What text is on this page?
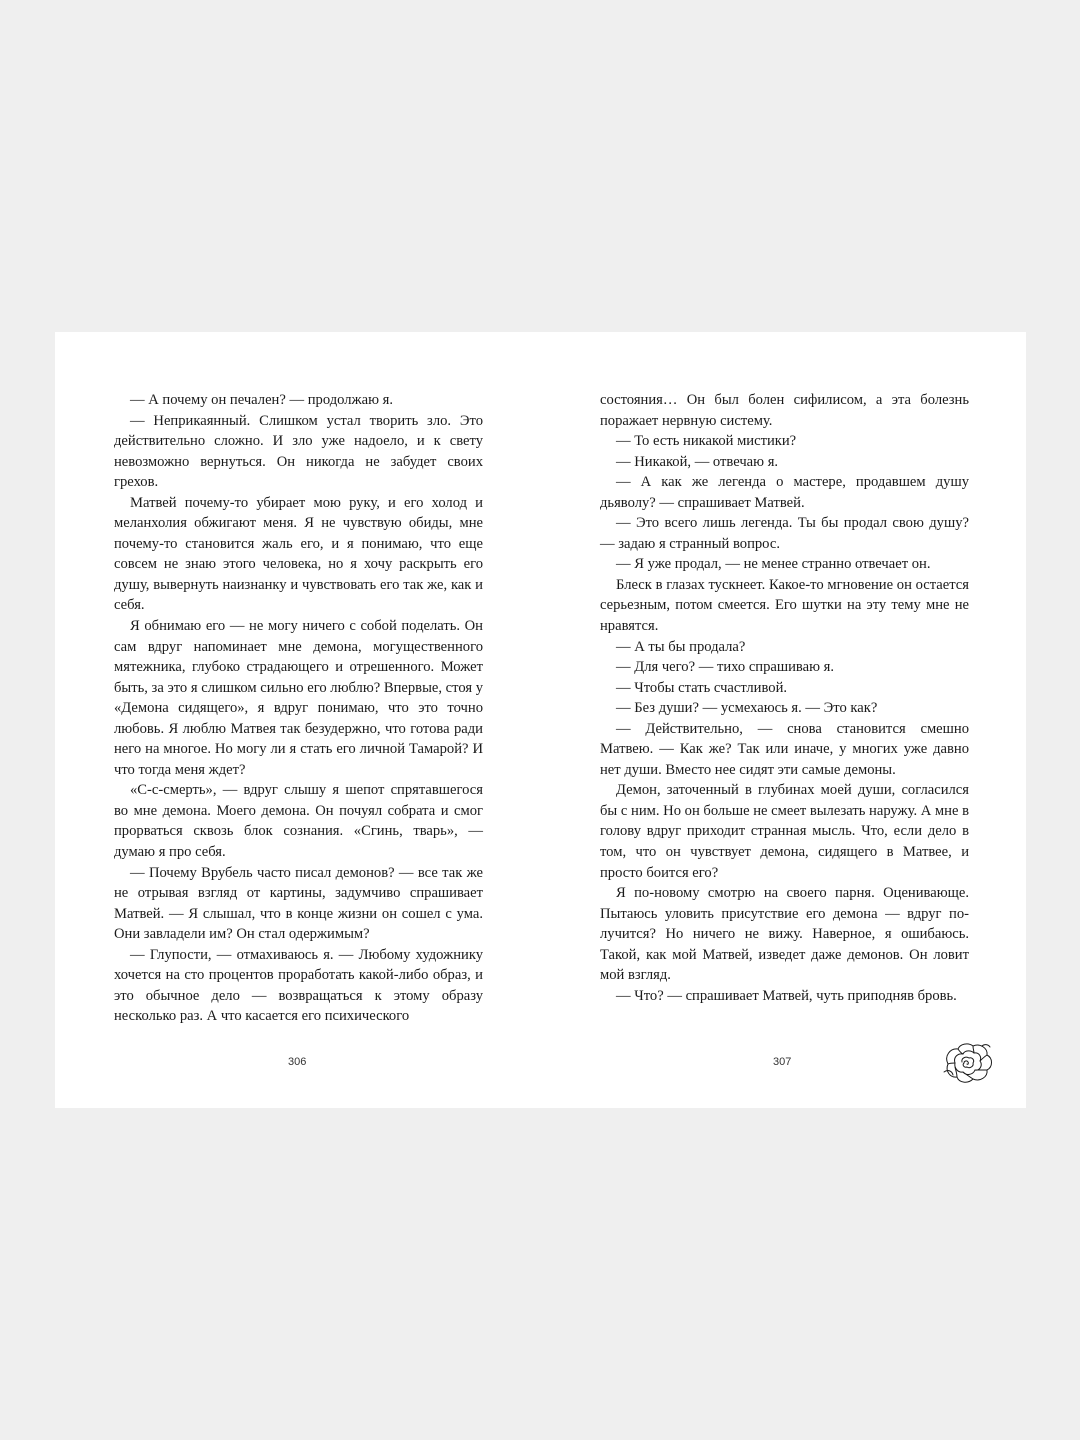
— А почему он печален? — продолжаю я.

— Неприкаянный. Слишком устал творить зло. Это действительно сложно. И зло уже надоело, и к свету невозможно вернуться. Он никогда не забудет своих грехов.

Матвей почему-то убирает мою руку, и его холод и меланхолия обжигают меня. Я не чувствую обиды, мне почему-то становится жаль его, и я понимаю, что еще совсем не знаю этого человека, но я хочу раскрыть его душу, вывернуть наизнанку и чувствовать его так же, как и себя.

Я обнимаю его — не могу ничего с собой поделать. Он сам вдруг напоминает мне демона, могущественного мятежника, глубоко страдающего и отрешенного. Может быть, за это я слишком сильно его люблю? Впервые, стоя у «Демона сидящего», я вдруг понимаю, что это точно любовь. Я люблю Матвея так безудержно, что готова ради него на многое. Но могу ли я стать его личной Тамарой? И что тогда меня ждет?

«С-с-смерть», — вдруг слышу я шепот спрятавшегося во мне демона. Моего демона. Он почуял собрата и смог прорваться сквозь блок сознания. «Сгинь, тварь», — думаю я про себя.

— Почему Врубель часто писал демонов? — все так же не отрывая взгляд от картины, задумчиво спрашивает Матвей. — Я слышал, что в конце жизни он сошел с ума. Они завладели им? Он стал одержимым?

— Глупости, — отмахиваюсь я. — Любому художнику хочется на сто процентов проработать какой-либо образ, и это обычное дело — возвращаться к этому образу несколько раз. А что касается его психического

состояния… Он был болен сифилисом, а эта болезнь поражает нервную систему.

— То есть никакой мистики?

— Никакой, — отвечаю я.

— А как же легенда о мастере, продавшем душу дьяволу? — спрашивает Матвей.

— Это всего лишь легенда. Ты бы продал свою душу? — задаю я странный вопрос.

— Я уже продал, — не менее странно отвечает он.

Блеск в глазах тускнеет. Какое-то мгновение он остается серьезным, потом смеется. Его шутки на эту тему мне не нравятся.

— А ты бы продала?

— Для чего? — тихо спрашиваю я.

— Чтобы стать счастливой.

— Без души? — усмехаюсь я. — Это как?

— Действительно, — снова становится смешно Матвею. — Как же? Так или иначе, у многих уже давно нет души. Вместо нее сидят эти самые демоны.

Демон, заточенный в глубинах моей души, согласился бы с ним. Но он больше не смеет вылезать наружу. А мне в голову вдруг приходит странная мысль. Что, если дело в том, что он чувствует демона, сидящего в Матвее, и просто боится его?

Я по-новому смотрю на своего парня. Оценивающе. Пытаюсь уловить присутствие его демона — вдруг получится? Но ничего не вижу. Наверное, я ошибаюсь. Такой, как мой Матвей, изведет даже демонов. Он ловит мой взгляд.

— Что? — спрашивает Матвей, чуть приподняв бровь.

306	307
